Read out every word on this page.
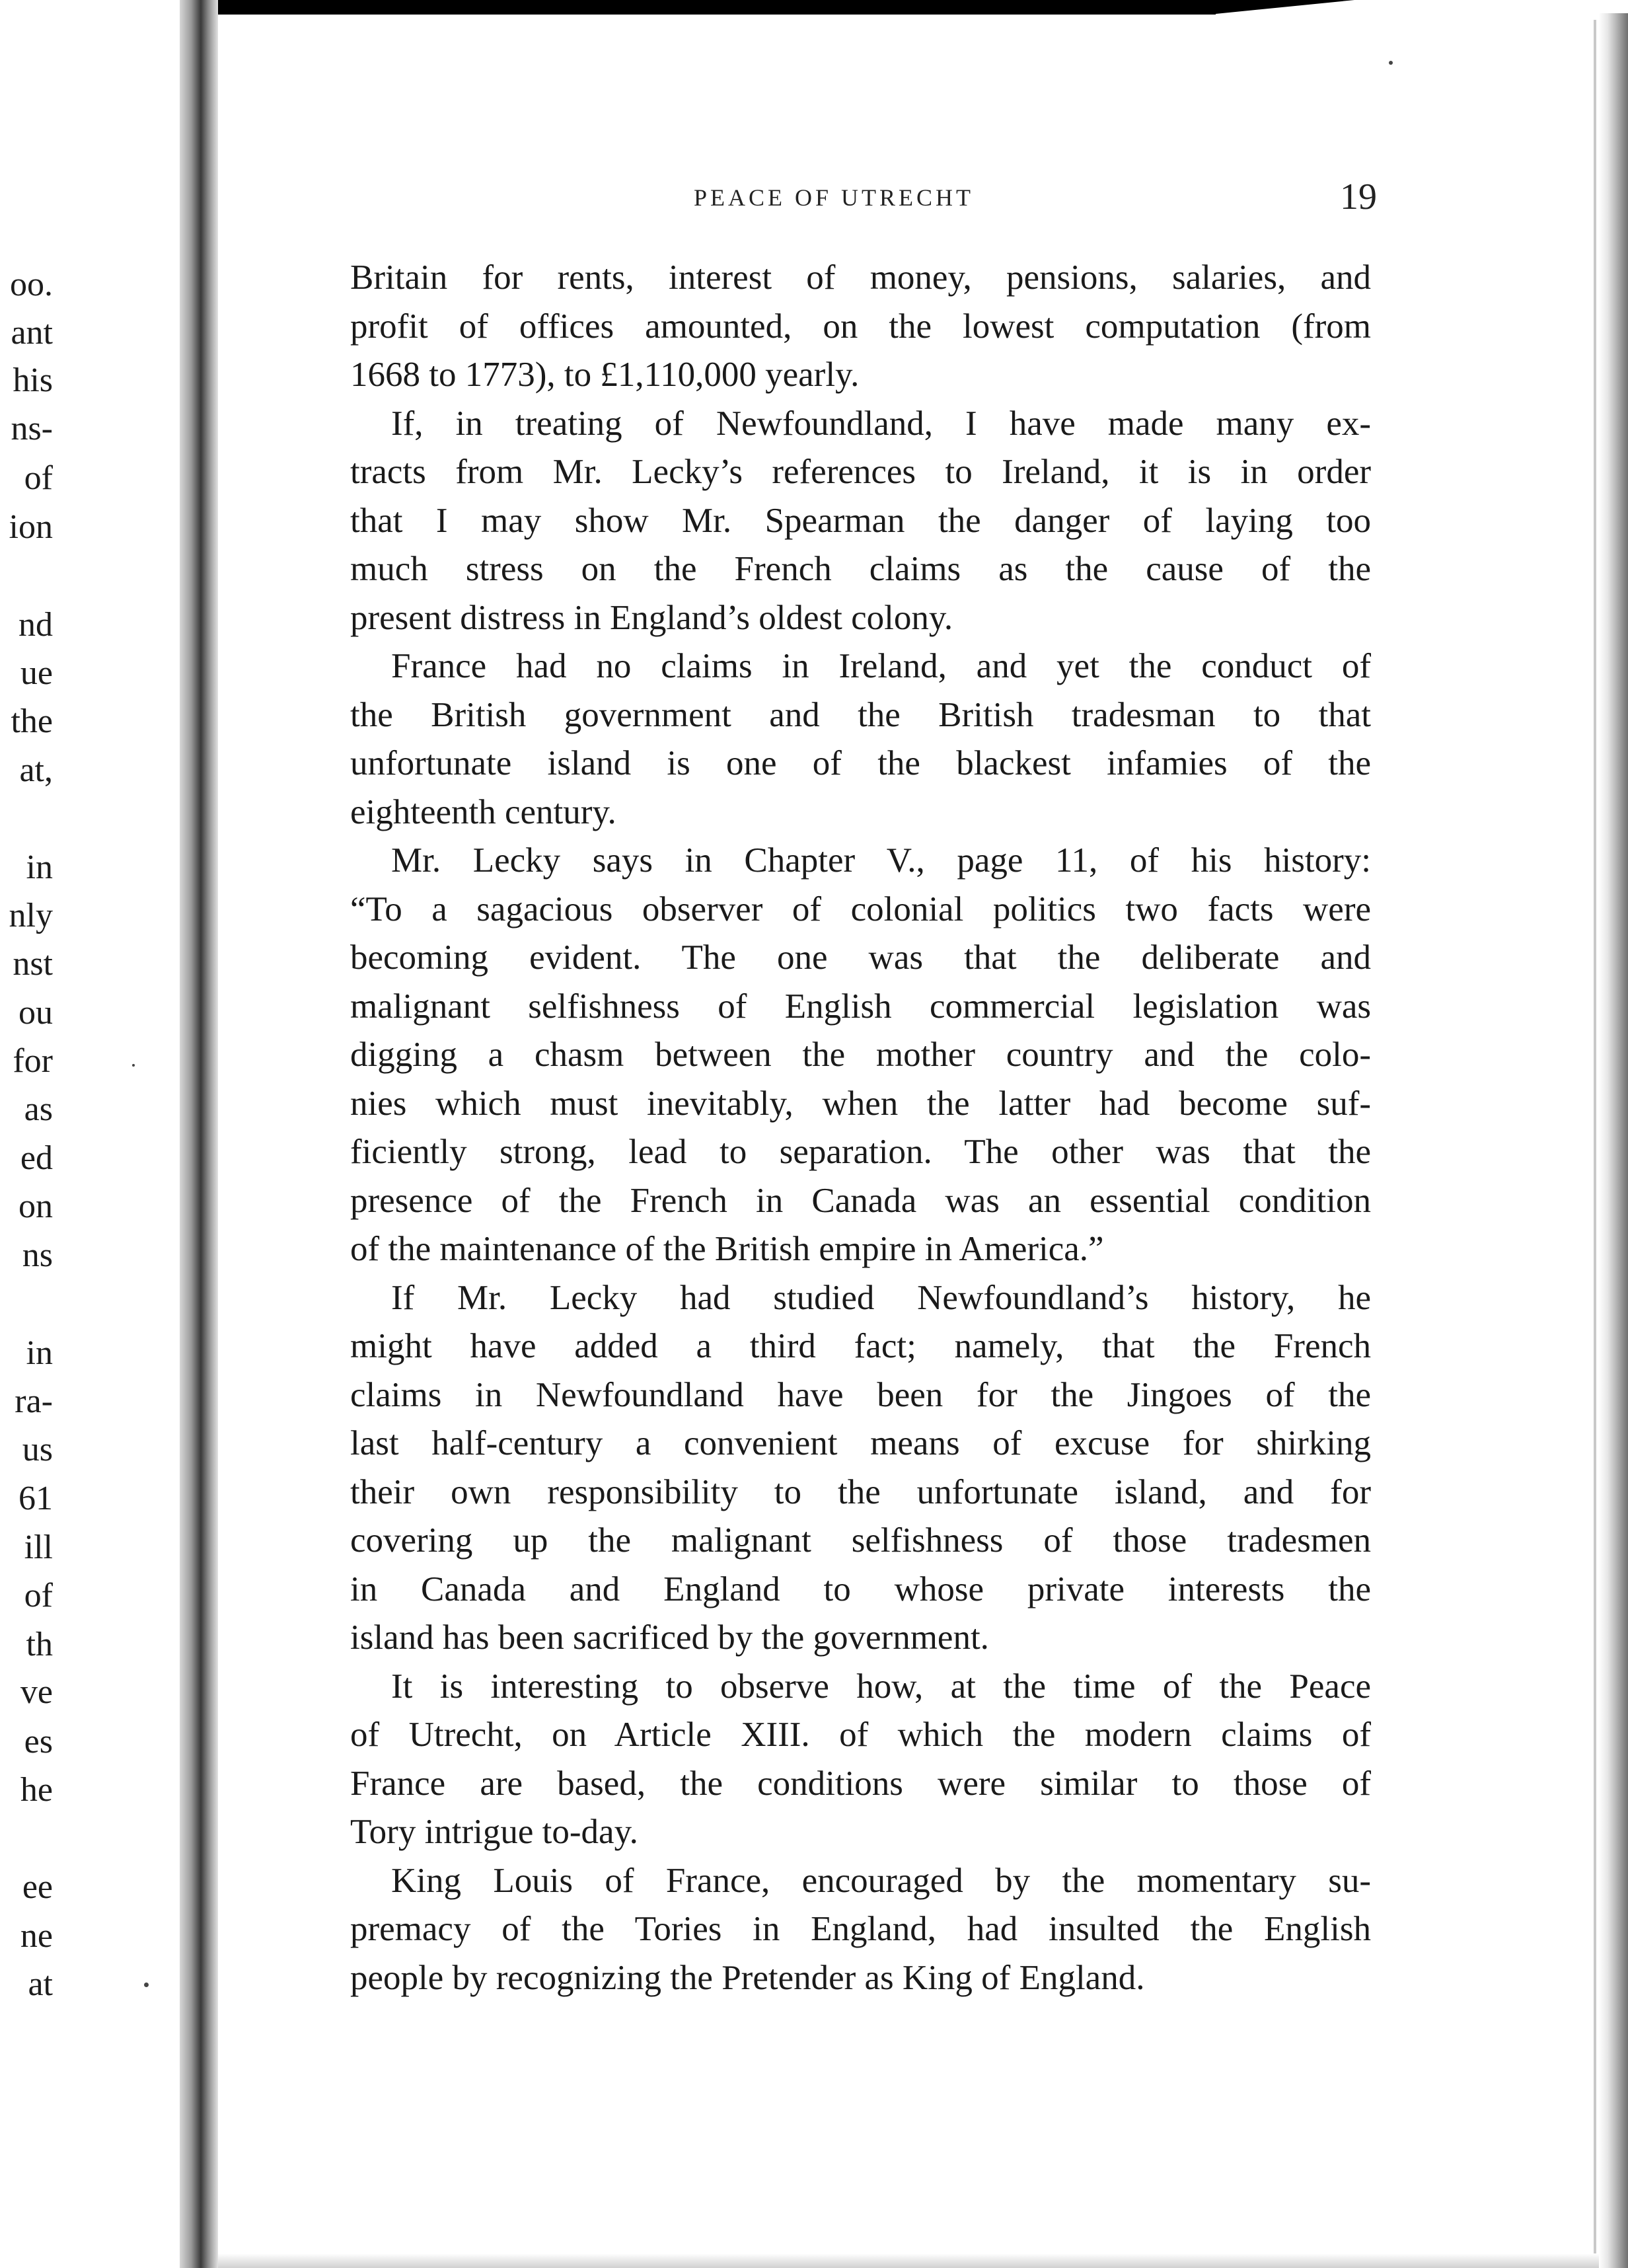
oo.
ant
his
ns-
of
ion
nd
ue
the
at,
in
nly
nst
ou
for
as
ed
on
ns
in
ra-
us
61
ill
of
th
ve
es
he
ee
ne
at
PEACE OF UTRECHT	19
Britain for rents, interest of money, pensions, salaries, and
profit of offices amounted, on the lowest computation (from
1668 to 1773), to £1,110,000 yearly.
If, in treating of Newfoundland, I have made many ex-
tracts from Mr. Lecky’s references to Ireland, it is in order
that I may show Mr. Spearman the danger of laying too
much stress on the French claims as the cause of the
present distress in England’s oldest colony.
France had no claims in Ireland, and yet the conduct of
the British government and the British tradesman to that
unfortunate island is one of the blackest infamies of the
eighteenth century.
Mr. Lecky says in Chapter V., page 11, of his history:
“To a sagacious observer of colonial politics two facts were
becoming evident. The one was that the deliberate and
malignant selfishness of English commercial legislation was
digging a chasm between the mother country and the colo-
nies which must inevitably, when the latter had become suf-
ficiently strong, lead to separation. The other was that the
presence of the French in Canada was an essential condition
of the maintenance of the British empire in America.”
If Mr. Lecky had studied Newfoundland’s history, he
might have added a third fact; namely, that the French
claims in Newfoundland have been for the Jingoes of the
last half-century a convenient means of excuse for shirking
their own responsibility to the unfortunate island, and for
covering up the malignant selfishness of those tradesmen
in Canada and England to whose private interests the
island has been sacrificed by the government.
It is interesting to observe how, at the time of the Peace
of Utrecht, on Article XIII. of which the modern claims of
France are based, the conditions were similar to those of
Tory intrigue to-day.
King Louis of France, encouraged by the momentary su-
premacy of the Tories in England, had insulted the English
people by recognizing the Pretender as King of England.
